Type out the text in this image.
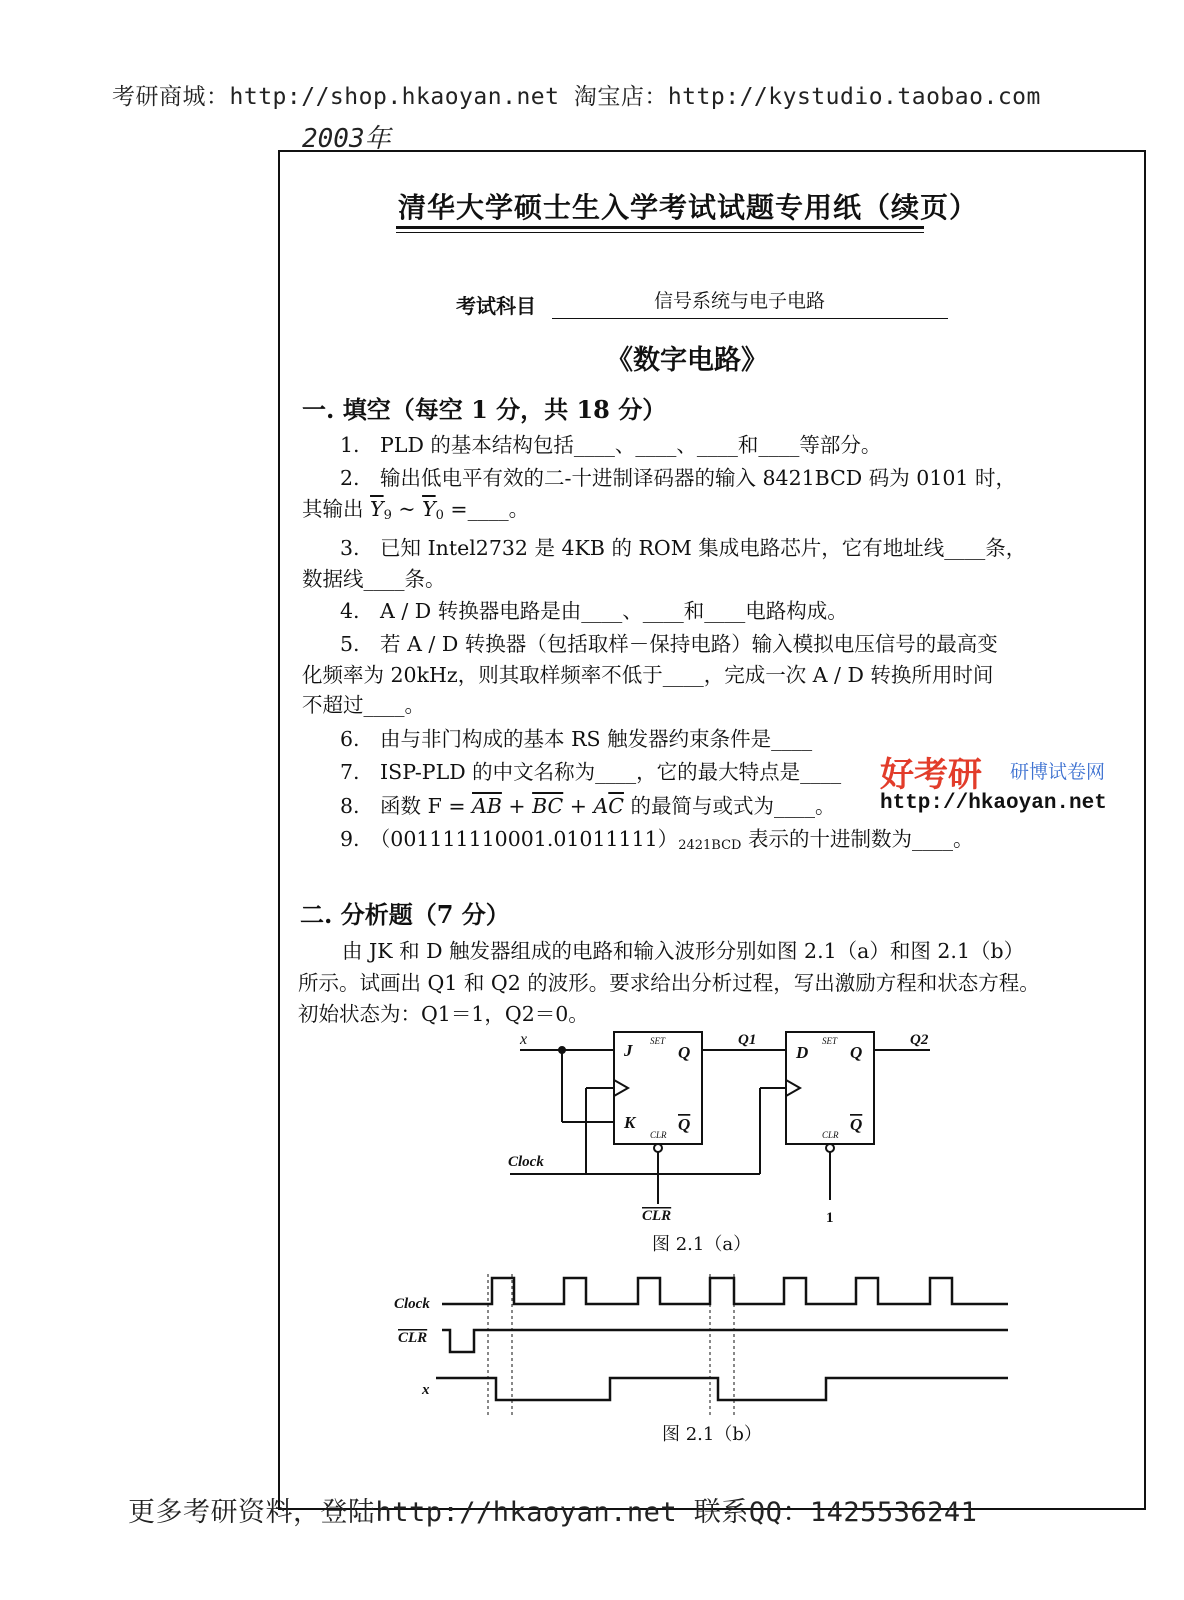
考研商城：http://shop.hkaoyan.net 淘宝店：http://kystudio.taobao.com
2003年
清华大学硕士生入学考试试题专用纸（续页）
考试科目	信号系统与电子电路
《数字电路》
一. 填空（每空 1 分，共 18 分）
1.　PLD 的基本结构包括____、____、____和____等部分。
2.　输出低电平有效的二-十进制译码器的输入 8421BCD 码为 0101 时，
其输出 $\overline{Y}_9$ ~ $\overline{Y}_0$ =____。
3.　已知 Intel2732 是 4KB 的 ROM 集成电路芯片，它有地址线____条，
数据线____条。
4.　A / D 转换器电路是由____、____和____电路构成。
5.　若 A / D 转换器（包括取样－保持电路）输入模拟电压信号的最高变
化频率为 20kHz，则其取样频率不低于____，完成一次 A / D 转换所用时间
不超过____。
6.　由与非门构成的基本 RS 触发器约束条件是____
7.　ISP-PLD 的中文名称为____，它的最大特点是____
8.　函数 $F = \overline{AB} + \overline{BC} + A\overline{C}$ 的最简与或式为____。
9.　$(001111110001.01011111)_{2421BCD}$ 表示的十进制数为____。
好考研 研博试卷网
http://hkaoyan.net
二. 分析题（7 分）
由 JK 和 D 触发器组成的电路和输入波形分别如图 2.1（a）和图 2.1（b）
所示。试画出 Q1 和 Q2 的波形。要求给出分析过程，写出激励方程和状态方程。
初始状态为：Q1＝1，Q2＝0。
x
J
K
SET
CLR
Q
Q
Q1
D
SET
CLR
Q
Q
Q2
Clock
CLR	1
图 2.1（a）
Clock
CLR
x
图 2.1（b）
更多考研资料，登陆http://hkaoyan.net 联系QQ：1425536241
